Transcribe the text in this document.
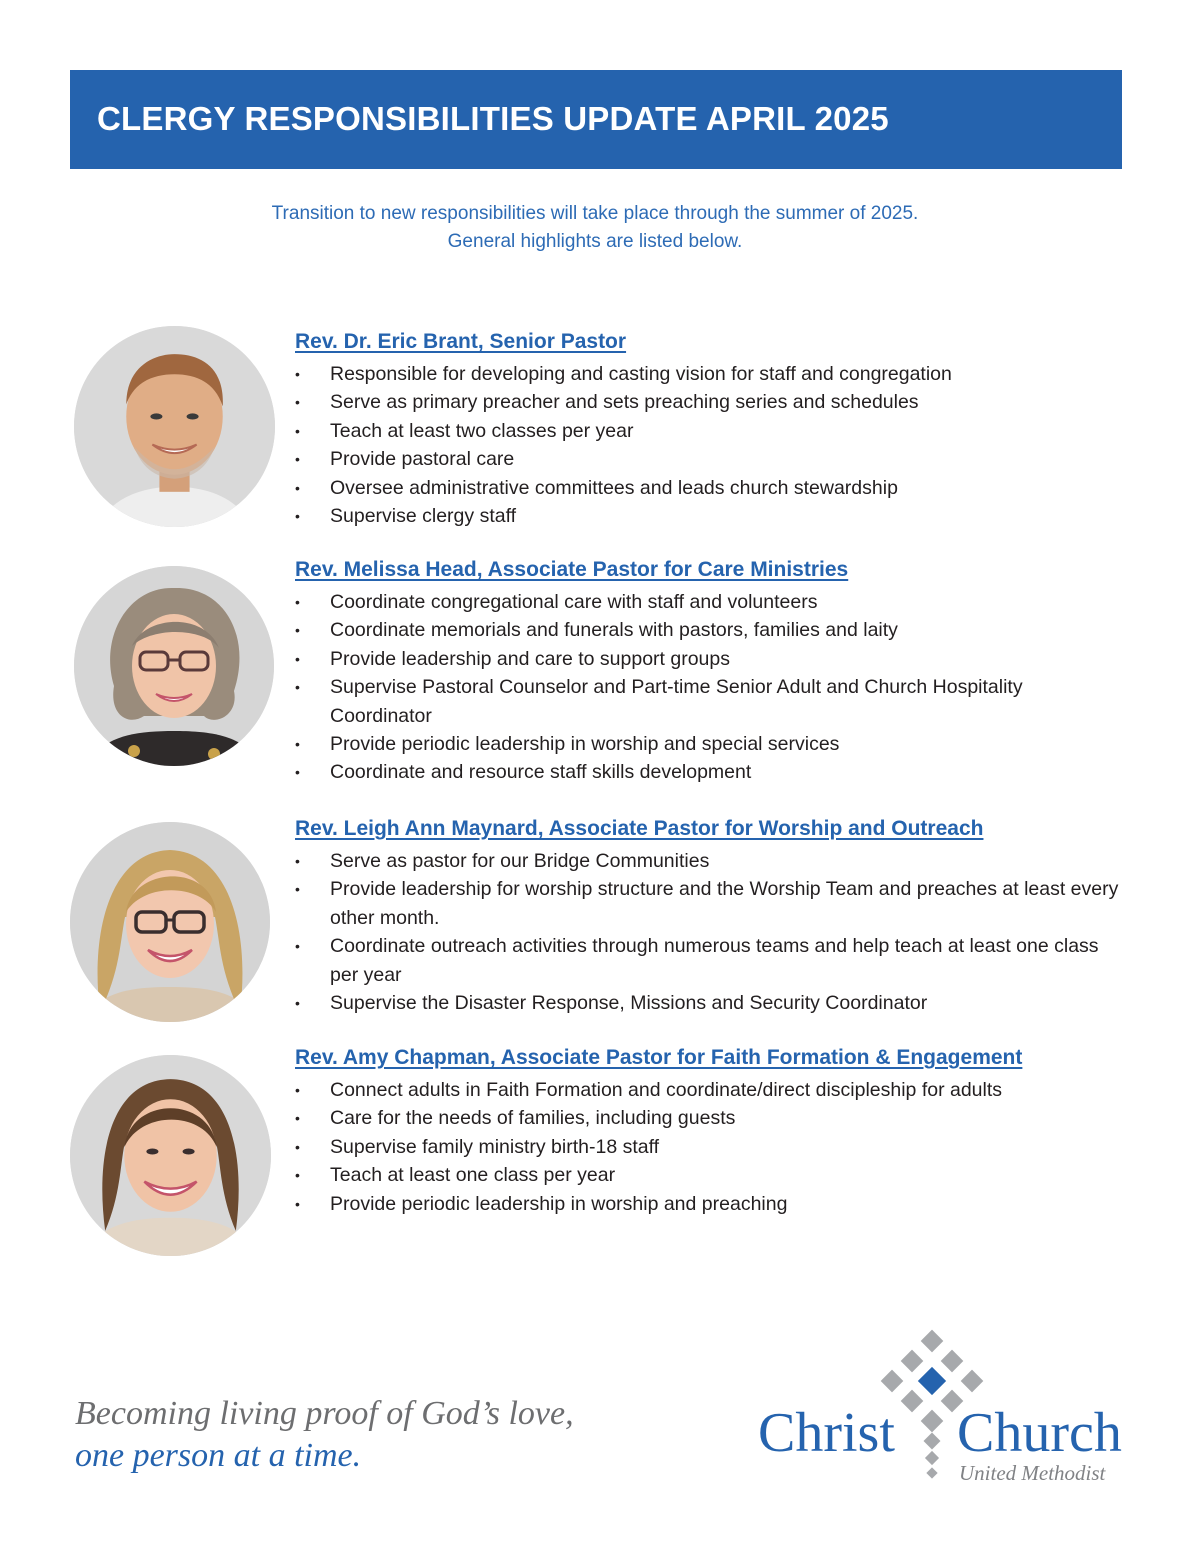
CLERGY RESPONSIBILITIES UPDATE APRIL 2025
Transition to new responsibilities will take place through the summer of 2025.
General highlights are listed below.
Rev. Dr. Eric Brant, Senior Pastor
• Responsible for developing and casting vision for staff and congregation
• Serve as primary preacher and sets preaching series and schedules
• Teach at least two classes per year
• Provide pastoral care
• Oversee administrative committees and leads church stewardship
• Supervise clergy staff
Rev. Melissa Head, Associate Pastor for Care Ministries
• Coordinate congregational care with staff and volunteers
• Coordinate memorials and funerals with pastors, families and laity
• Provide leadership and care to support groups
• Supervise Pastoral Counselor and Part-time Senior Adult and Church Hospitality Coordinator
• Provide periodic leadership in worship and special services
• Coordinate and resource staff skills development
Rev. Leigh Ann Maynard, Associate Pastor for Worship and Outreach
• Serve as pastor for our Bridge Communities
• Provide leadership for worship structure and the Worship Team and preaches at least every other month.
• Coordinate outreach activities through numerous teams and help teach at least one class per year
• Supervise the Disaster Response, Missions and Security Coordinator
Rev. Amy Chapman, Associate Pastor for Faith Formation & Engagement
• Connect adults in Faith Formation and coordinate/direct discipleship for adults
• Care for the needs of families, including guests
• Supervise family ministry birth-18 staff
• Teach at least one class per year
• Provide periodic leadership in worship and preaching
Becoming living proof of God’s love,
one person at a time.	Christ Church
United Methodist
